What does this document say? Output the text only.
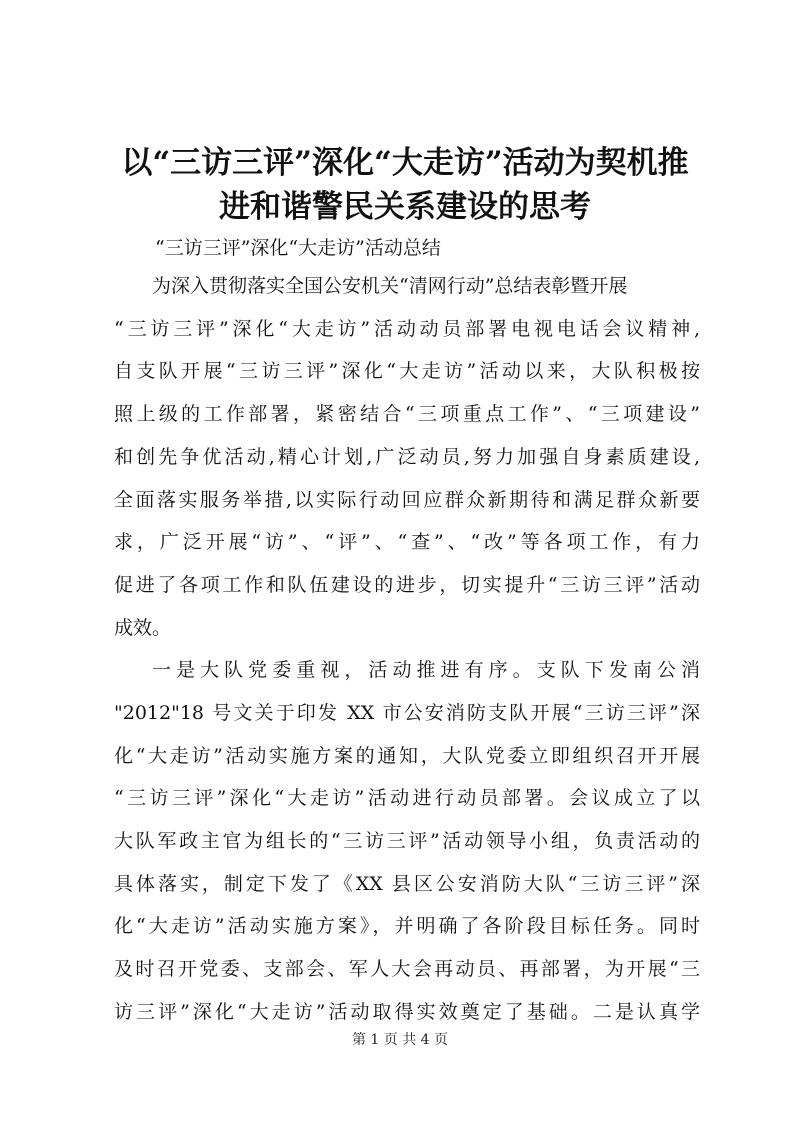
以“三访三评”深化“大走访”活动为契机推
进和谐警民关系建设的思考
“三访三评”深化“大走访”活动总结
为深入贯彻落实全国公安机关“清网行动”总结表彰暨开展
“三访三评”深化“大走访”活动动员部署电视电话会议精神,
自支队开展“三访三评”深化“大走访”活动以来，大队积极按
照上级的工作部署，紧密结合“三项重点工作”、“三项建设”
和创先争优活动,精心计划,广泛动员,努力加强自身素质建设,
全面落实服务举措,以实际行动回应群众新期待和满足群众新要
求，广泛开展“访”、“评”、“查”、“改”等各项工作，有力
促进了各项工作和队伍建设的进步，切实提升“三访三评”活动
成效。
一是大队党委重视，活动推进有序。支队下发南公消
"2012"18 号文关于印发 XX 市公安消防支队开展“三访三评”深
化“大走访”活动实施方案的通知，大队党委立即组织召开开展
“三访三评”深化“大走访”活动进行动员部署。会议成立了以
大队军政主官为组长的“三访三评”活动领导小组，负责活动的
具体落实，制定下发了《XX 县区公安消防大队“三访三评”深
化“大走访”活动实施方案》，并明确了各阶段目标任务。同时
及时召开党委、支部会、军人大会再动员、再部署，为开展“三
访三评”深化“大走访”活动取得实效奠定了基础。二是认真学
第 1 页 共 4 页
